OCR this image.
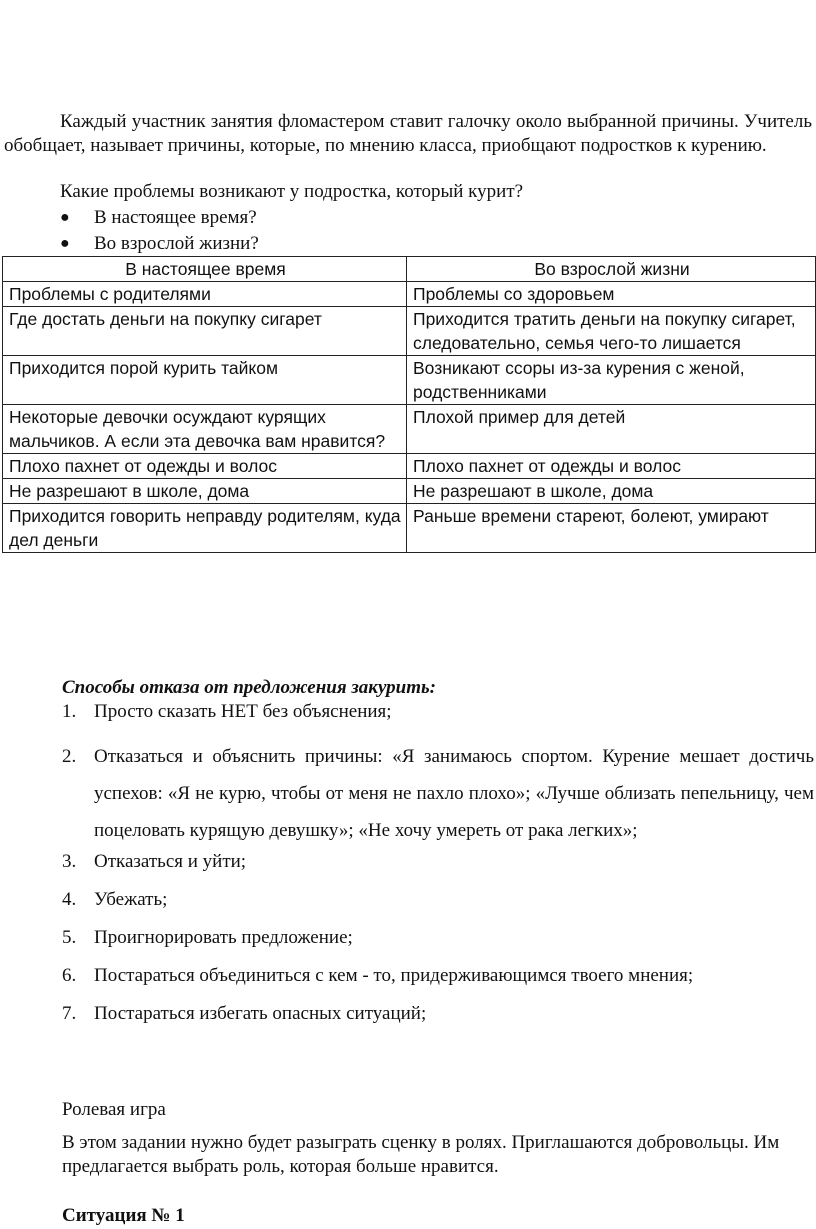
Каждый участник занятия фломастером ставит галочку около выбранной причины. Учитель обобщает, называет причины, которые, по мнению класса, приобщают подростков к курению.
Какие проблемы возникают у подростка, который курит?
● В настоящее время?
● Во взрослой жизни?
В настоящее время	Во взрослой жизни
Проблемы с родителями	Проблемы со здоровьем
Где достать деньги на покупку сигарет	Приходится тратить деньги на покупку сигарет, следовательно, семья чего-то лишается
Приходится порой курить тайком	Возникают ссоры из-за курения с женой, родственниками
Некоторые девочки осуждают курящих мальчиков. А если эта девочка вам нравится?	Плохой пример для детей
Плохо пахнет от одежды и волос	Плохо пахнет от одежды и волос
Не разрешают в школе, дома	Не разрешают в школе, дома
Приходится говорить неправду родителям, куда дел деньги	Раньше времени стареют, болеют, умирают
Способы отказа от предложения закурить:
1. Просто сказать НЕТ без объяснения;
2. Отказаться и объяснить причины: «Я занимаюсь спортом. Курение мешает достичь успехов: «Я не курю, чтобы от меня не пахло плохо»; «Лучше облизать пепельницу, чем поцеловать курящую девушку»; «Не хочу умереть от рака легких»;
3. Отказаться и уйти;
4. Убежать;
5. Проигнорировать предложение;
6. Постараться объединиться с кем - то, придерживающимся твоего мнения;
7. Постараться избегать опасных ситуаций;
Ролевая игра
В этом задании нужно будет разыграть сценку в ролях. Приглашаются добровольцы. Им предлагается выбрать роль, которая больше нравится.
Ситуация № 1
